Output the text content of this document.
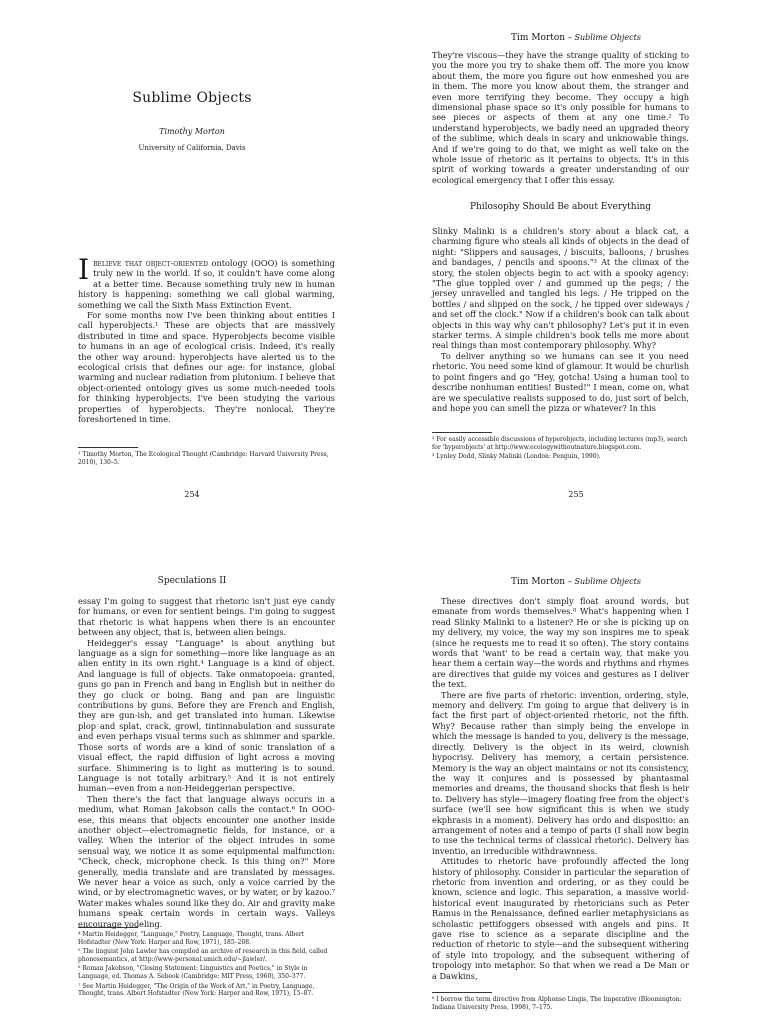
Sublime Objects
Timothy Morton
University of California, Davis

Ibelieve that object-oriented ontology (OOO) is something truly new in the world. If so, it couldn't have come along at a better time. Because something truly new in human history is happening: something we call global warming, something we call the Sixth Mass Extinction Event.

For some months now I've been thinking about entities I call hyperobjects.¹ These are objects that are massively distributed in time and space. Hyperobjects become visible to humans in an age of ecological crisis. Indeed, it's really the other way around: hyperobjects have alerted us to the ecological crisis that defines our age: for instance, global warming and nuclear radiation from plutonium. I believe that object-oriented ontology gives us some much-needed tools for thinking hyperobjects. I've been studying the various properties of hyperobjects. They're nonlocal. They're foreshortened in time.

¹ Timothy Morton, The Ecological Thought (Cambridge: Harvard University Press, 2010), 130–5.

254
Tim Morton – Sublime Objects

They're viscous—they have the strange quality of sticking to you the more you try to shake them off. The more you know about them, the more you figure out how enmeshed you are in them. The more you know about them, the stranger and even more terrifying they become. They occupy a high dimensional phase space so it's only possible for humans to see pieces or aspects of them at any one time.² To understand hyperobjects, we badly need an upgraded theory of the sublime, which deals in scary and unknowable things. And if we're going to do that, we might as well take on the whole issue of rhetoric as it pertains to objects. It's in this spirit of working towards a greater understanding of our ecological emergency that I offer this essay.

Philosophy Should Be about Everything

Slinky Malinki is a children's story about a black cat, a charming figure who steals all kinds of objects in the dead of night: "Slippers and sausages, / biscuits, balloons, / brushes and bandages, / pencils and spoons."³ At the climax of the story, the stolen objects begin to act with a spooky agency: "The glue toppled over / and gummed up the pegs; / the jersey unravelled and tangled his legs. / He tripped on the bottles / and slipped on the sock, / he tipped over sideways / and set off the clock." Now if a children's book can talk about objects in this way why can't philosophy? Let's put it in even starker terms. A simple children's book tells me more about real things than most contemporary philosophy. Why?

To deliver anything so we humans can see it you need rhetoric. You need some kind of glamour. It would be churlish to point fingers and go "Hey, gotcha! Using a human tool to describe nonhuman entities! Busted!" I mean, come on, what are we speculative realists supposed to do, just sort of belch, and hope you can smell the pizza or whatever? In this

² For easily accessible discussions of hyperobjects, including lectures (mp3), search for 'hyperobjects' at http://www.ecologywithoutnature.blogspot.com.

³ Lynley Dodd, Slinky Malinki (London: Penguin, 1990).

255
Speculations II

essay I'm going to suggest that rhetoric isn't just eye candy for humans, or even for sentient beings. I'm going to suggest that rhetoric is what happens when there is an encounter between any object, that is, between alien beings.

Heidegger's essay "Language" is about anything but language as a sign for something—more like language as an alien entity in its own right.⁴ Language is a kind of object. And language is full of objects. Take onmatopoeia: granted, guns go pan in French and bang in English but in neither do they go cluck or boing. Bang and pan are linguistic contributions by guns. Before they are French and English, they are gun-ish, and get translated into human. Likewise plop and splat, crack, growl, tintinnabulation and sussurate and even perhaps visual terms such as shimmer and sparkle. Those sorts of words are a kind of sonic translation of a visual effect, the rapid diffusion of light across a moving surface. Shimmering is to light as muttering is to sound. Language is not totally arbitrary.⁵ And it is not entirely human—even from a non-Heideggerian perspective.

Then there's the fact that language always occurs in a medium, what Roman Jakobson calls the contact.⁶ In OOO-ese, this means that objects encounter one another inside another object—electromagnetic fields, for instance, or a valley. When the interior of the object intrudes in some sensual way, we notice it as some equipmental malfunction: "Check, check, microphone check. Is this thing on?" More generally, media translate and are translated by messages. We never hear a voice as such, only a voice carried by the wind, or by electromagnetic waves, or by water, or by kazoo.⁷ Water makes whales sound like they do. Air and gravity make humans speak certain words in certain ways. Valleys encourage yodeling.

⁴ Martin Heidegger, "Language," Poetry, Language, Thought, trans. Albert Hofstadter (New York: Harper and Row, 1971), 185–208.

⁵ The linguist John Lawler has compiled an archive of research in this field, called phonosemantics, at http://www-personal.umich.edu/~jlawler/.

⁶ Roman Jakobson, "Closing Statement: Linguistics and Poetics," in Style in Language, ed. Thomas A. Sebeok (Cambridge: MIT Press, 1960), 350–377.

⁷ See Martin Heidegger, "The Origin of the Work of Art," in Poetry, Language, Thought, trans. Albert Hofstadter (New York: Harper and Row, 1971), 15–87.

Tim Morton – Sublime Objects

These directives don't simply float around words, but emanate from words themselves.⁸ What's happening when I read Slinky Malinki to a listener? He or she is picking up on my delivery, my voice, the way my son inspires me to speak (since he requests me to read it so often). The story contains words that 'want' to be read a certain way, that make you hear them a certain way—the words and rhythms and rhymes are directives that guide my voices and gestures as I deliver the text.

There are five parts of rhetoric: invention, ordering, style, memory and delivery. I'm going to argue that delivery is in fact the first part of object-oriented rhetoric, not the fifth. Why? Because rather than simply being the envelope in which the message is handed to you, delivery is the message, directly. Delivery is the object in its weird, clownish hypocrisy. Delivery has memory, a certain persistence. Memory is the way an object maintains or not its consistency, the way it conjures and is possessed by phantasmal memories and dreams, the thousand shocks that flesh is heir to. Delivery has style—imagery floating free from the object's surface (we'll see how significant this is when we study ekphrasis in a moment). Delivery has ordo and dispositio: an arrangement of notes and a tempo of parts (I shall now begin to use the technical terms of classical rhetoric). Delivery has inventio, an irreducible withdrawnness.

Attitudes to rhetoric have profoundly affected the long history of philosophy. Consider in particular the separation of rhetoric from invention and ordering, or as they could be known, science and logic. This separation, a massive world-historical event inaugurated by rhetoricians such as Peter Ramus in the Renaissance, defined earlier metaphysicians as scholastic pettifoggers obsessed with angels and pins. It gave rise to science as a separate discipline and the reduction of rhetoric to style—and the subsequent withering of style into tropology, and the subsequent withering of tropology into metaphor. So that when we read a De Man or a Dawkins,

⁸ I borrow the term directive from Alphonso Lingis, The Imperative (Bloomington: Indiana University Press, 1998), 7–175.
